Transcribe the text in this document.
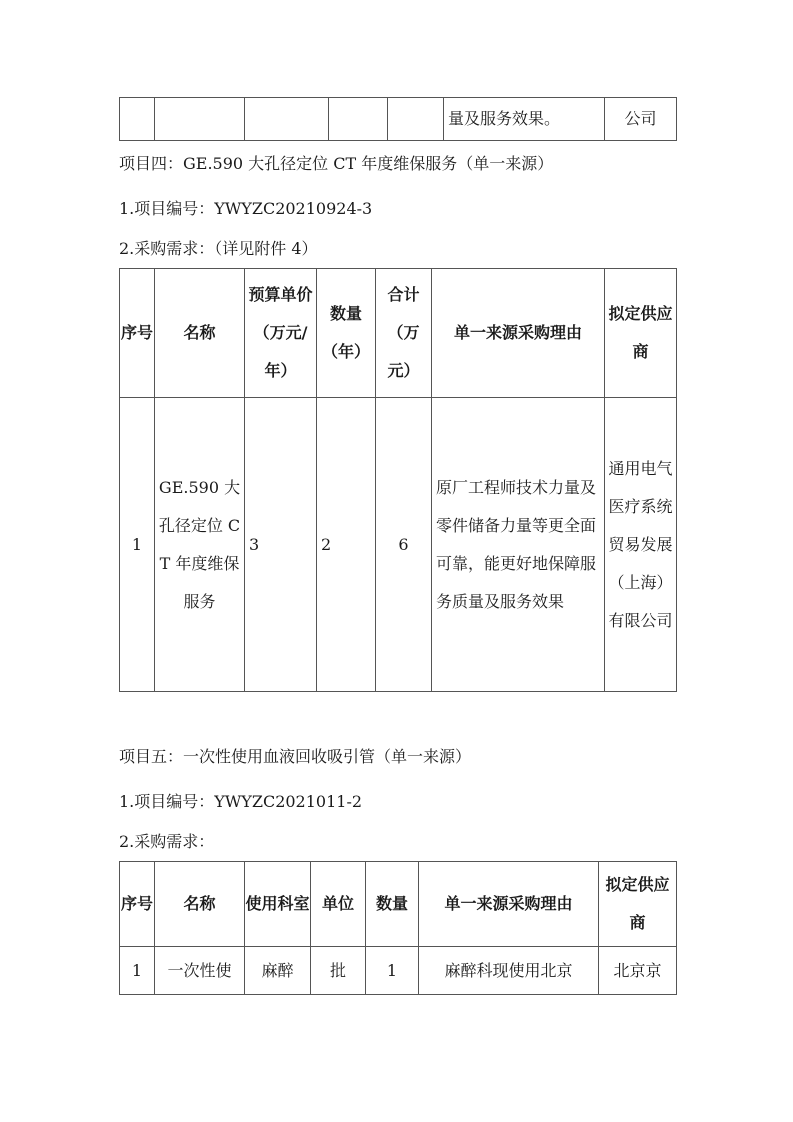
					量及服务效果。	公司
项目四：GE.590 大孔径定位 CT 年度维保服务（单一来源）
1.项目编号：YWYZC20210924-3
2.采购需求：（详见附件 4）
序号	名称	预算单价（万元/年）	数量（年）	合计（万元）	单一来源采购理由	拟定供应商
1	GE.590 大孔径定位 CT 年度维保服务	3	2	6	原厂工程师技术力量及零件储备力量等更全面可靠，能更好地保障服务质量及服务效果	通用电气医疗系统贸易发展（上海）有限公司
项目五：一次性使用血液回收吸引管（单一来源）
1.项目编号：YWYZC2021011-2
2.采购需求：
序号	名称	使用科室	单位	数量	单一来源采购理由	拟定供应商
1	一次性使	麻醉	批	1	麻醉科现使用北京	北京京
